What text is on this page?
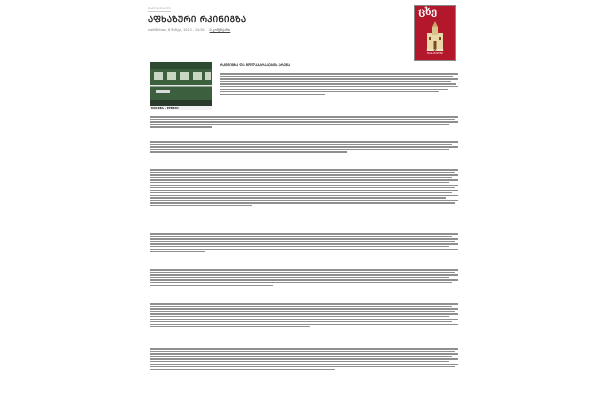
ᲓᲐᲛᲝᲣᲙᲘᲓᲔᲑᲔᲚᲘ
ᲐᲤᲮᲐᲖᲣᲠᲘ ᲠᲙᲘᲜᲘᲒᲖᲐ
ოთხშაბათი, 6 მარტი, 2013 - 14:30 0 კომენტარი
ცხე
ᲓᲐᲙᲐᲠᲒᲣᲚᲘ ᲓᲐᲞᲐᲢᲘᲝᲜᲘ
МОСКВА – ЕРЕВАН
ᲠᲙᲘᲜᲘᲒᲖᲐ ᲓᲐ ᲛᲝᲚᲐᲞᲐᲠᲐᲙᲔᲑᲘᲡ ᲐᲠᲔᲜᲐ
